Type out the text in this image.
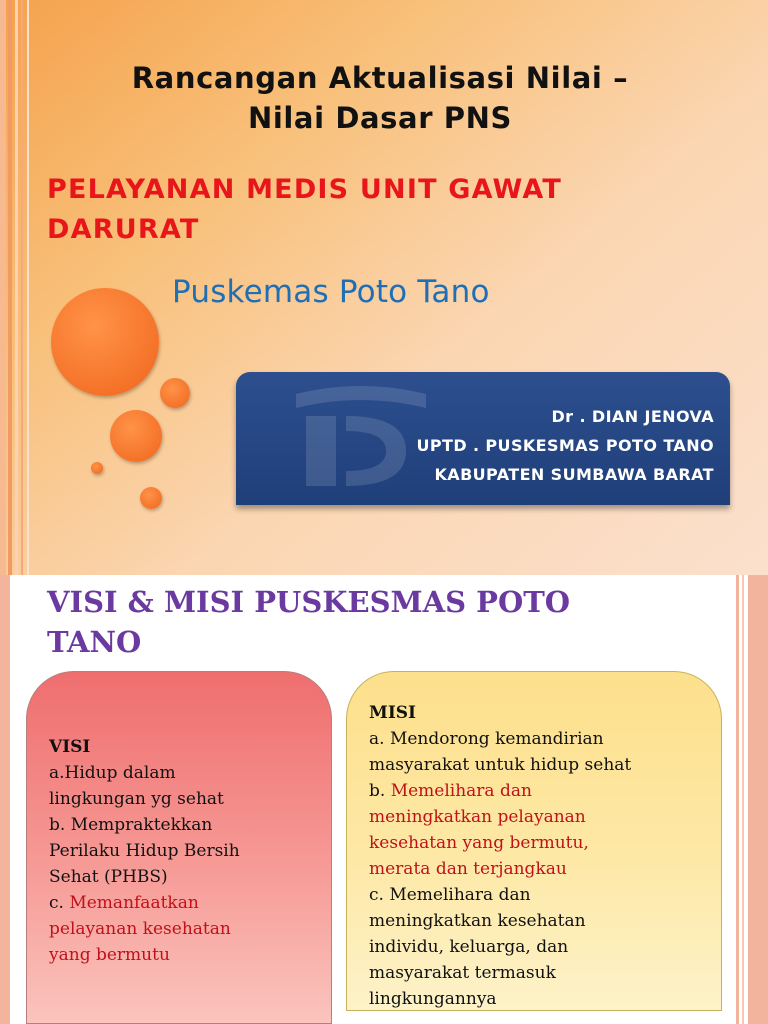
Rancangan Aktualisasi Nilai –
Nilai Dasar PNS
PELAYANAN MEDIS UNIT GAWAT
DARURAT

Puskemas Poto Tano

Dr . DIAN JENOVA
UPTD . PUSKESMAS POTO TANO
KABUPATEN SUMBAWA BARAT
VISI & MISI PUSKESMAS POTO
TANO
VISI
a.Hidup dalam
lingkungan yg sehat
b. Mempraktekkan
Perilaku Hidup Bersih
Sehat (PHBS)
c. Memanfaatkan
pelayanan kesehatan
yang bermutu
MISI
a. Mendorong kemandirian
masyarakat untuk hidup sehat
b. Memelihara dan
meningkatkan pelayanan
kesehatan yang bermutu,
merata dan terjangkau
c. Memelihara dan
meningkatkan kesehatan
individu, keluarga, dan
masyarakat termasuk
lingkungannya
